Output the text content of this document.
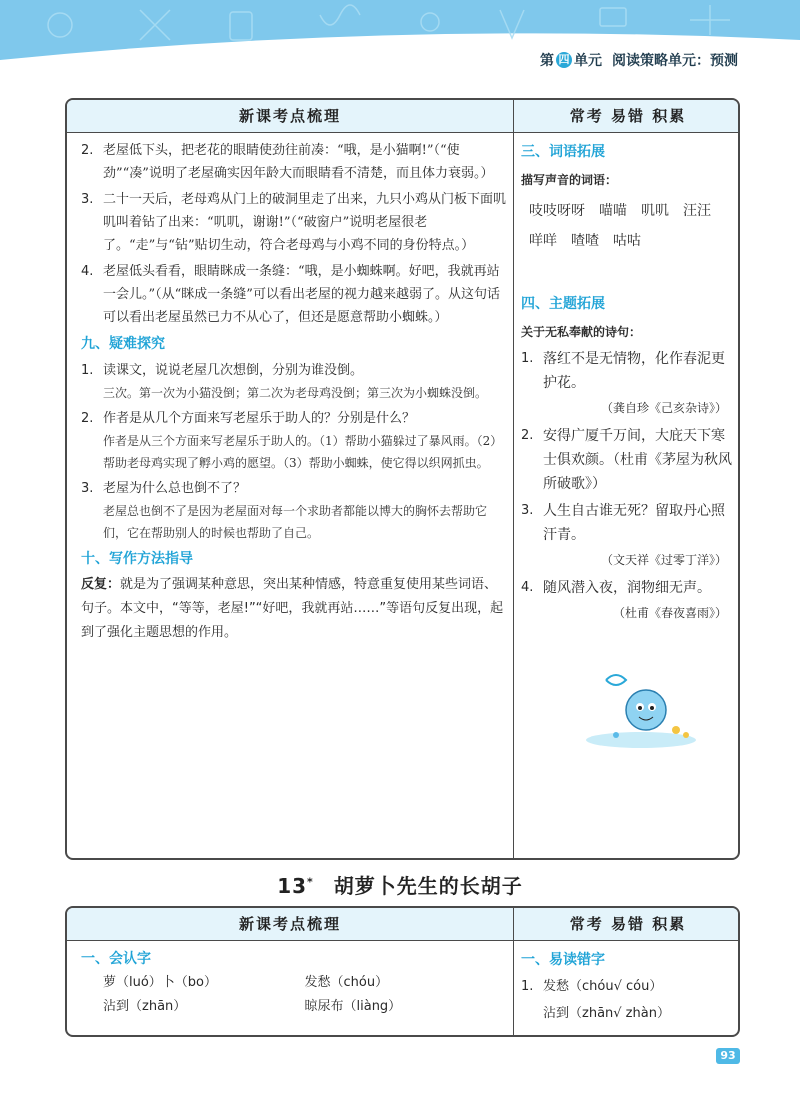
第 四 单元 阅读策略单元：预测
新课考点梳理	常考 易错 积累
2. 老屋低下头，把老花的眼睛使劲往前凑：“哦，是小猫啊!”（“使劲”“凑”说明了老屋确实因年龄大而眼睛看不清楚，而且体力衰弱。）
3. 二十一天后，老母鸡从门上的破洞里走了出来，九只小鸡从门板下面叽叽叫着钻了出来：“叽叽，谢谢!”（“破窗户”说明老屋很老了。“走”与“钻”贴切生动，符合老母鸡与小鸡不同的身份特点。）
4. 老屋低头看看，眼睛眯成一条缝：“哦，是小蜘蛛啊。好吧，我就再站一会儿。”（从“眯成一条缝”可以看出老屋的视力越来越弱了。从这句话可以看出老屋虽然已力不从心了，但还是愿意帮助小蜘蛛。）
九、疑难探究
1. 读课文，说说老屋几次想倒，分别为谁没倒。
三次。第一次为小猫没倒；第二次为老母鸡没倒；第三次为小蜘蛛没倒。
2. 作者是从几个方面来写老屋乐于助人的？分别是什么？
作者是从三个方面来写老屋乐于助人的。（1）帮助小猫躲过了暴风雨。（2）帮助老母鸡实现了孵小鸡的愿望。（3）帮助小蜘蛛，使它得以织网抓虫。
3. 老屋为什么总也倒不了？
老屋总也倒不了是因为老屋面对每一个求助者都能以博大的胸怀去帮助它们，它在帮助别人的时候也帮助了自己。
十、写作方法指导
反复：就是为了强调某种意思，突出某种情感，特意重复使用某些词语、句子。本文中，“等等，老屋!”“好吧，我就再站……”等语句反复出现，起到了强化主题思想的作用。
三、词语拓展
描写声音的词语：
吱吱呀呀 喵喵 叽叽 汪汪
咩咩 喳喳 咕咕
四、主题拓展
关于无私奉献的诗句：
1. 落红不是无情物，化作春泥更护花。
（龚自珍《己亥杂诗》）
2. 安得广厦千万间，大庇天下寒士俱欢颜。（杜甫《茅屋为秋风所破歌》）
3. 人生自古谁无死？留取丹心照汗青。
（文天祥《过零丁洋》）
4. 随风潜入夜，润物细无声。
（杜甫《春夜喜雨》）
13* 胡萝卜先生的长胡子
新课考点梳理	常考 易错 积累
一、会认字
萝（luó）卜（bo）	发愁（chóu）
沾到（zhān）	晾尿布（liàng）
一、易读错字
1. 发愁（chóu√ cóu）
沾到（zhān√ zhàn）
93
